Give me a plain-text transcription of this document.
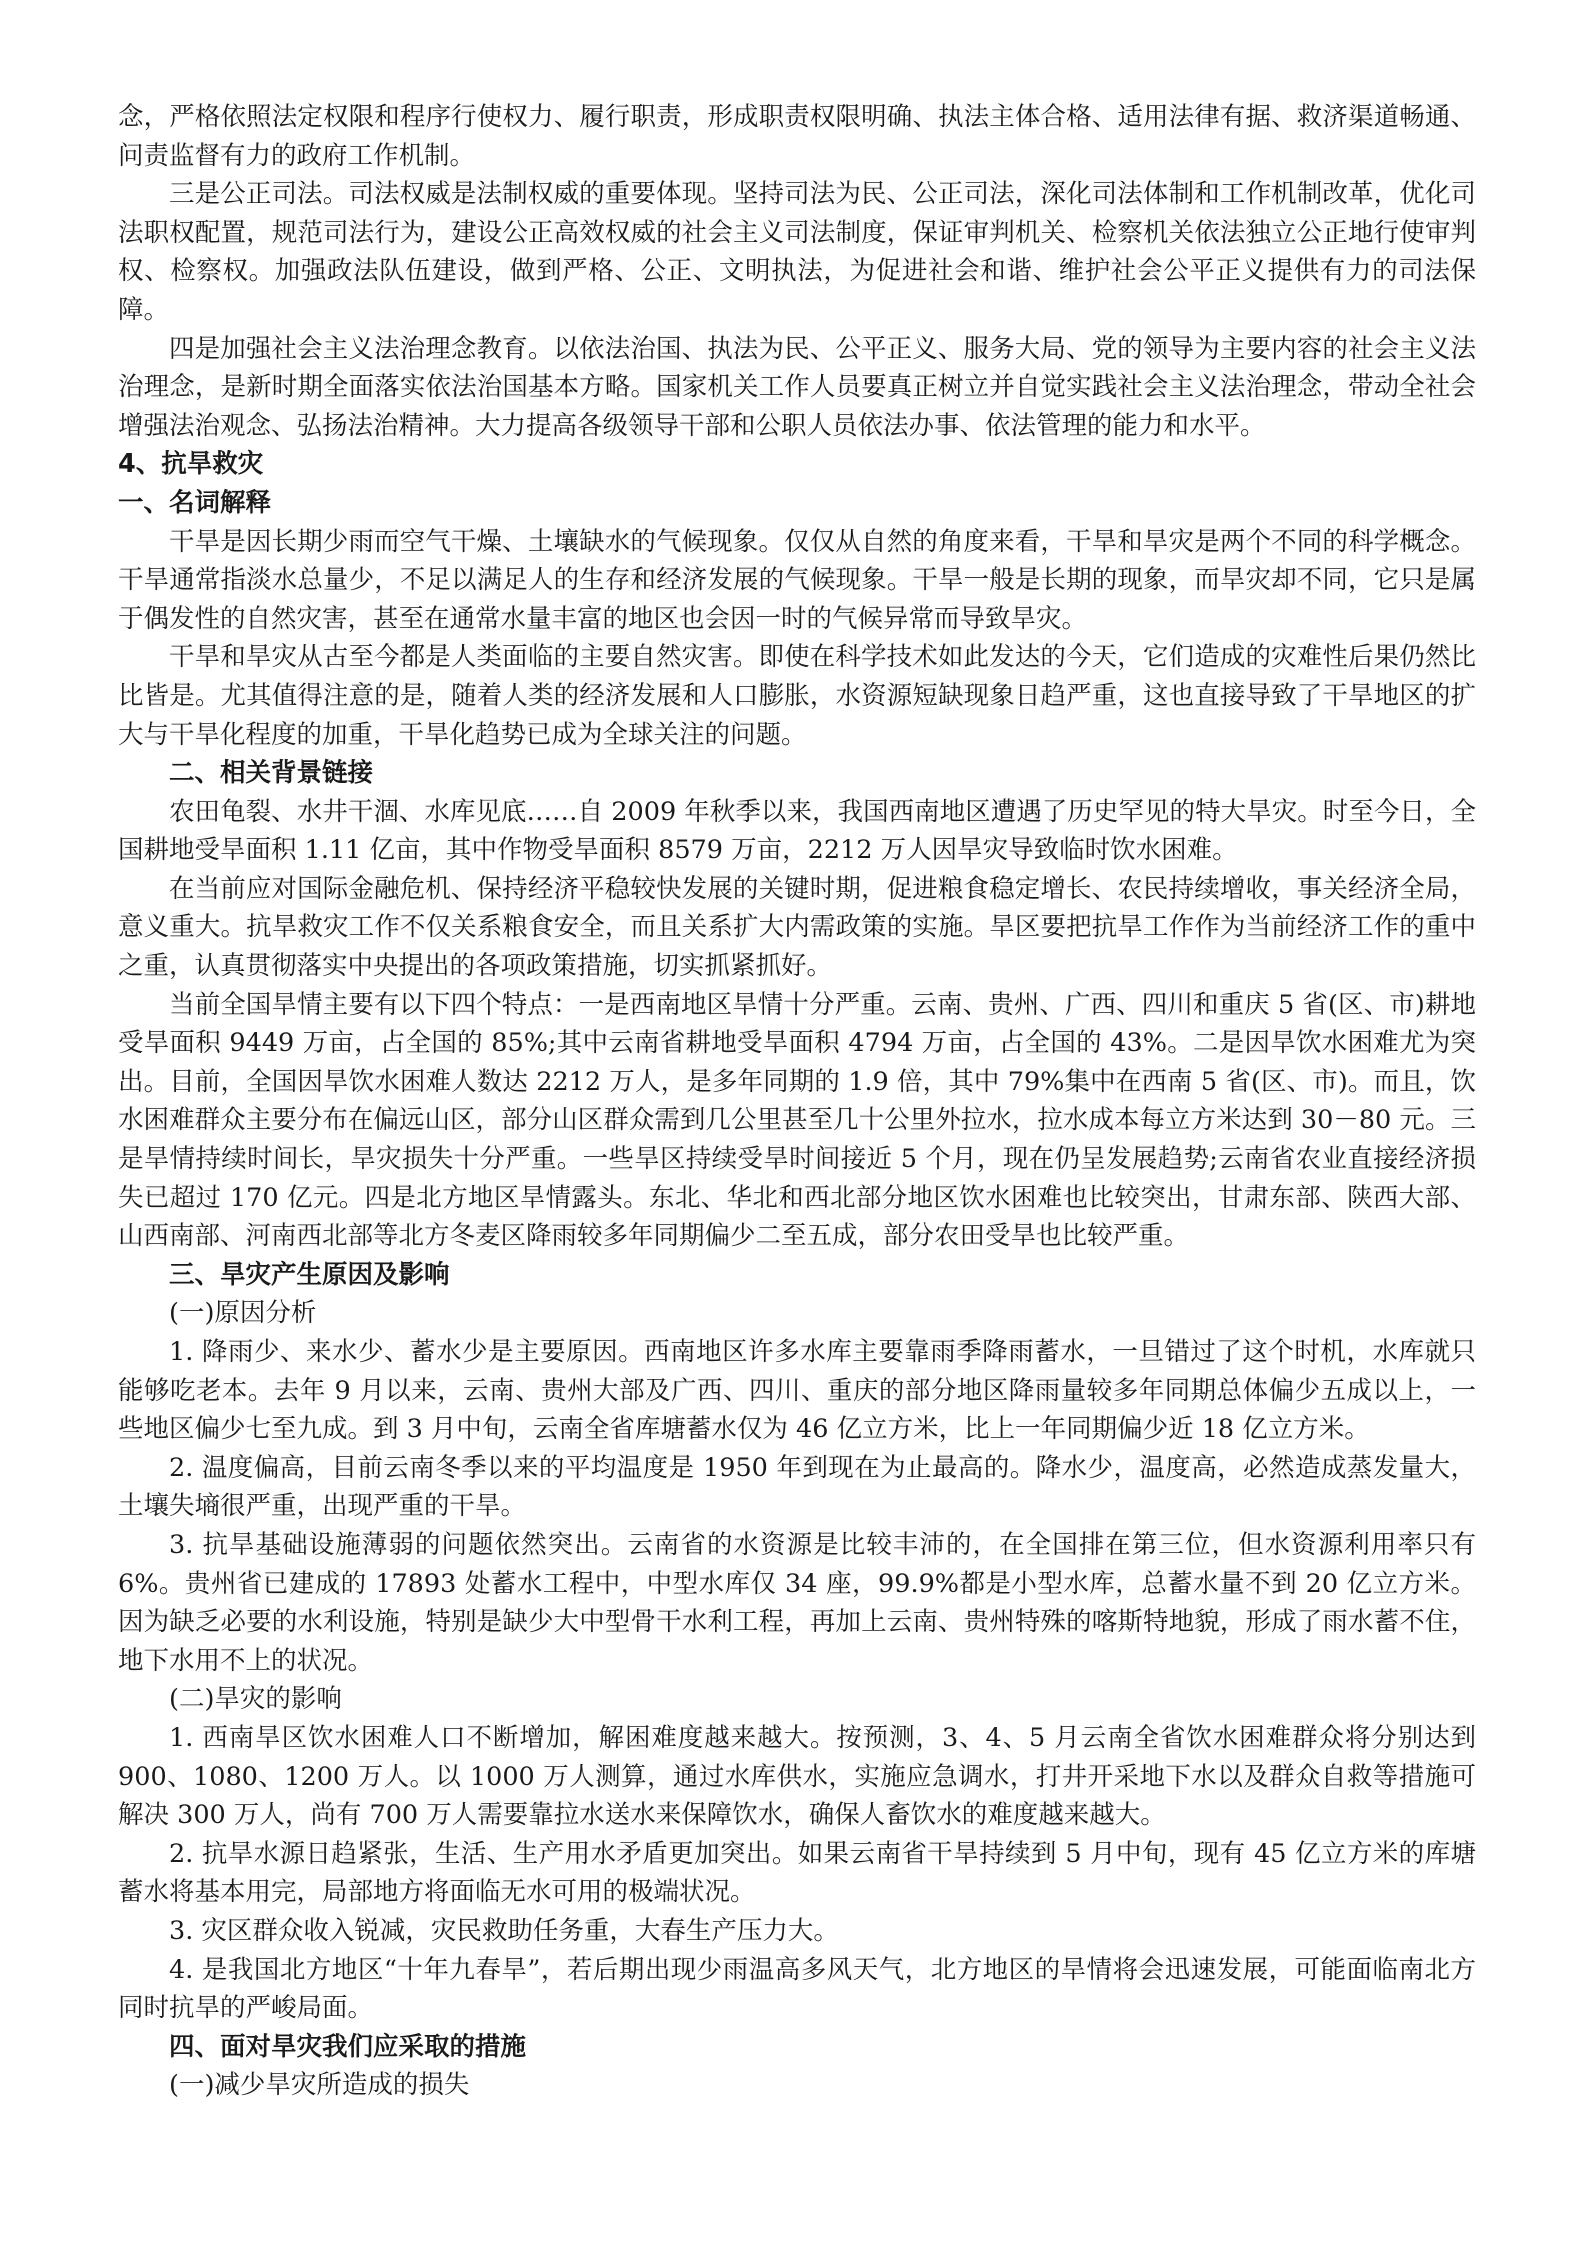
念，严格依照法定权限和程序行使权力、履行职责，形成职责权限明确、执法主体合格、适用法律有据、救济渠道畅通、问责监督有力的政府工作机制。

三是公正司法。司法权威是法制权威的重要体现。坚持司法为民、公正司法，深化司法体制和工作机制改革，优化司法职权配置，规范司法行为，建设公正高效权威的社会主义司法制度，保证审判机关、检察机关依法独立公正地行使审判权、检察权。加强政法队伍建设，做到严格、公正、文明执法，为促进社会和谐、维护社会公平正义提供有力的司法保障。

四是加强社会主义法治理念教育。以依法治国、执法为民、公平正义、服务大局、党的领导为主要内容的社会主义法治理念，是新时期全面落实依法治国基本方略。国家机关工作人员要真正树立并自觉实践社会主义法治理念，带动全社会增强法治观念、弘扬法治精神。大力提高各级领导干部和公职人员依法办事、依法管理的能力和水平。

4、抗旱救灾

一、名词解释

干旱是因长期少雨而空气干燥、土壤缺水的气候现象。仅仅从自然的角度来看，干旱和旱灾是两个不同的科学概念。干旱通常指淡水总量少，不足以满足人的生存和经济发展的气候现象。干旱一般是长期的现象，而旱灾却不同，它只是属于偶发性的自然灾害，甚至在通常水量丰富的地区也会因一时的气候异常而导致旱灾。

干旱和旱灾从古至今都是人类面临的主要自然灾害。即使在科学技术如此发达的今天，它们造成的灾难性后果仍然比比皆是。尤其值得注意的是，随着人类的经济发展和人口膨胀，水资源短缺现象日趋严重，这也直接导致了干旱地区的扩大与干旱化程度的加重，干旱化趋势已成为全球关注的问题。

二、相关背景链接

农田龟裂、水井干涸、水库见底……自 2009 年秋季以来，我国西南地区遭遇了历史罕见的特大旱灾。时至今日，全国耕地受旱面积 1.11 亿亩，其中作物受旱面积 8579 万亩，2212 万人因旱灾导致临时饮水困难。

在当前应对国际金融危机、保持经济平稳较快发展的关键时期，促进粮食稳定增长、农民持续增收，事关经济全局，意义重大。抗旱救灾工作不仅关系粮食安全，而且关系扩大内需政策的实施。旱区要把抗旱工作作为当前经济工作的重中之重，认真贯彻落实中央提出的各项政策措施，切实抓紧抓好。

当前全国旱情主要有以下四个特点：一是西南地区旱情十分严重。云南、贵州、广西、四川和重庆 5 省(区、市)耕地受旱面积 9449 万亩，占全国的 85%;其中云南省耕地受旱面积 4794 万亩，占全国的 43%。二是因旱饮水困难尤为突出。目前，全国因旱饮水困难人数达 2212 万人，是多年同期的 1.9 倍，其中 79%集中在西南 5 省(区、市)。而且，饮水困难群众主要分布在偏远山区，部分山区群众需到几公里甚至几十公里外拉水，拉水成本每立方米达到 30－80 元。三是旱情持续时间长，旱灾损失十分严重。一些旱区持续受旱时间接近 5 个月，现在仍呈发展趋势;云南省农业直接经济损失已超过 170 亿元。四是北方地区旱情露头。东北、华北和西北部分地区饮水困难也比较突出，甘肃东部、陕西大部、山西南部、河南西北部等北方冬麦区降雨较多年同期偏少二至五成，部分农田受旱也比较严重。

三、旱灾产生原因及影响

(一)原因分析

1. 降雨少、来水少、蓄水少是主要原因。西南地区许多水库主要靠雨季降雨蓄水，一旦错过了这个时机，水库就只能够吃老本。去年 9 月以来，云南、贵州大部及广西、四川、重庆的部分地区降雨量较多年同期总体偏少五成以上，一些地区偏少七至九成。到 3 月中旬，云南全省库塘蓄水仅为 46 亿立方米，比上一年同期偏少近 18 亿立方米。

2. 温度偏高，目前云南冬季以来的平均温度是 1950 年到现在为止最高的。降水少，温度高，必然造成蒸发量大，土壤失墒很严重，出现严重的干旱。

3. 抗旱基础设施薄弱的问题依然突出。云南省的水资源是比较丰沛的，在全国排在第三位，但水资源利用率只有 6%。贵州省已建成的 17893 处蓄水工程中，中型水库仅 34 座，99.9%都是小型水库，总蓄水量不到 20 亿立方米。因为缺乏必要的水利设施，特别是缺少大中型骨干水利工程，再加上云南、贵州特殊的喀斯特地貌，形成了雨水蓄不住，地下水用不上的状况。

(二)旱灾的影响

1. 西南旱区饮水困难人口不断增加，解困难度越来越大。按预测，3、4、5 月云南全省饮水困难群众将分别达到 900、1080、1200 万人。以 1000 万人测算，通过水库供水，实施应急调水，打井开采地下水以及群众自救等措施可解决 300 万人，尚有 700 万人需要靠拉水送水来保障饮水，确保人畜饮水的难度越来越大。

2. 抗旱水源日趋紧张，生活、生产用水矛盾更加突出。如果云南省干旱持续到 5 月中旬，现有 45 亿立方米的库塘蓄水将基本用完，局部地方将面临无水可用的极端状况。

3. 灾区群众收入锐减，灾民救助任务重，大春生产压力大。

4. 是我国北方地区“十年九春旱”，若后期出现少雨温高多风天气，北方地区的旱情将会迅速发展，可能面临南北方同时抗旱的严峻局面。

四、面对旱灾我们应采取的措施

(一)减少旱灾所造成的损失
